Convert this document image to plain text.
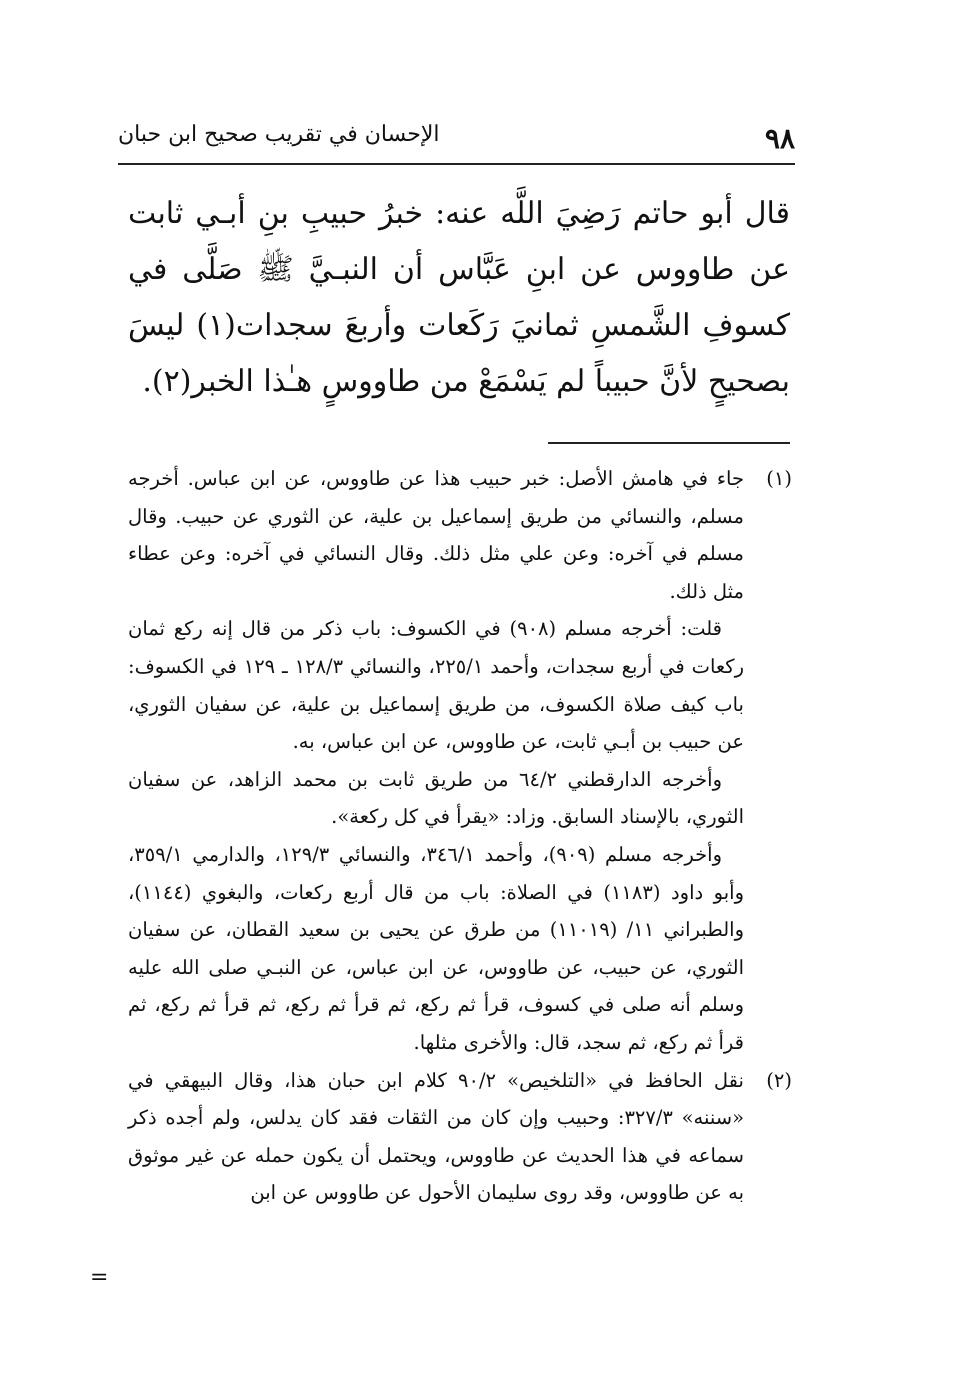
٩٨
الإحسان في تقريب صحيح ابن حبان
قال أبو حاتم رَضِيَ اللَّه عنه: خبرُ حبيبِ بنِ أبـي ثابت عن طاووس عن ابنِ عَبَّاس أن النبـيَّ ﷺ صَلَّى في كسوفِ الشَّمسِ ثمانيَ رَكَعات وأربعَ سجدات(١) ليسَ بصحيحٍ لأنَّ حبيباً لم يَسْمَعْ من طاووسٍ هـٰذا الخبر(٢).

(١)
جاء في هامش الأصل: خبر حبيب هذا عن طاووس، عن ابن عباس. أخرجه مسلم، والنسائي من طريق إسماعيل بن علية، عن الثوري عن حبيب. وقال مسلم في آخره: وعن علي مثل ذلك. وقال النسائي في آخره: وعن عطاء مثل ذلك.

قلت: أخرجه مسلم (٩٠٨) في الكسوف: باب ذكر من قال إنه ركع ثمان ركعات في أربع سجدات، وأحمد ٢٢٥/١، والنسائي ١٢٨/٣ ـ ١٢٩ في الكسوف: باب كيف صلاة الكسوف، من طريق إسماعيل بن علية، عن سفيان الثوري، عن حبيب بن أبـي ثابت، عن طاووس، عن ابن عباس، به.

وأخرجه الدارقطني ٦٤/٢ من طريق ثابت بن محمد الزاهد، عن سفيان الثوري، بالإسناد السابق. وزاد: «يقرأ في كل ركعة».

وأخرجه مسلم (٩٠٩)، وأحمد ٣٤٦/١، والنسائي ١٢٩/٣، والدارمي ٣٥٩/١، وأبو داود (١١٨٣) في الصلاة: باب من قال أربع ركعات، والبغوي (١١٤٤)، والطبراني ١١/ (١١٠١٩) من طرق عن يحيى بن سعيد القطان، عن سفيان الثوري، عن حبيب، عن طاووس، عن ابن عباس، عن النبـي صلى الله عليه وسلم أنه صلى في كسوف، قرأ ثم ركع، ثم قرأ ثم ركع، ثم قرأ ثم ركع، ثم قرأ ثم ركع، ثم سجد، قال: والأخرى مثلها.

(٢)
نقل الحافظ في «التلخيص» ٩٠/٢ كلام ابن حبان هذا، وقال البيهقي في «سننه» ٣٢٧/٣: وحبيب وإن كان من الثقات فقد كان يدلس، ولم أجده ذكر سماعه في هذا الحديث عن طاووس، ويحتمل أن يكون حمله عن غير موثوق به عن طاووس، وقد روى سليمان الأحول عن طاووس عن ابن

=
